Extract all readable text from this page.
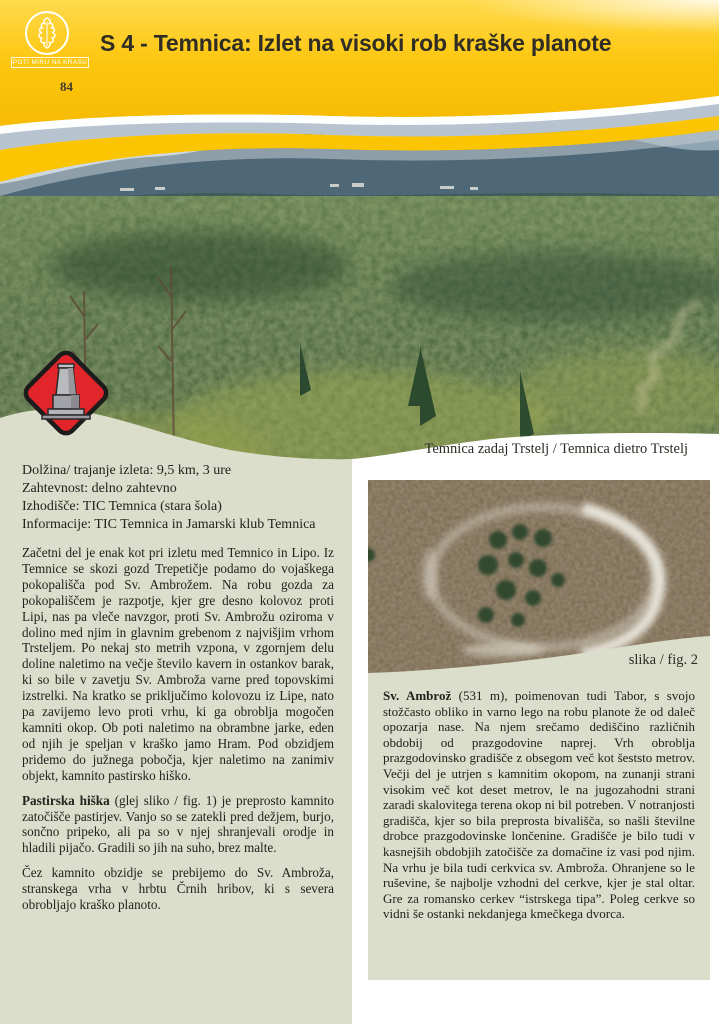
POTI MIRU NA KRASU
84
S 4 - Temnica: Izlet na visoki rob kraške planote
Temnica zadaj Trstelj / Temnica dietro Trstelj
Dolžina/ trajanje izleta: 9,5 km, 3 ure
Zahtevnost: delno zahtevno
Izhodišče: TIC Temnica (stara šola)
Informacije: TIC Temnica in Jamarski klub Temnica

Začetni del je enak kot pri izletu med Temnico in Lipo. Iz Temnice se skozi gozd Trepetičje podamo do vojaškega pokopališča pod Sv. Ambrožem. Na robu gozda za pokopališčem je razpotje, kjer gre desno kolovoz proti Lipi, nas pa vleče navzgor, proti Sv. Ambrožu oziroma v dolino med njim in glavnim grebenom z najvišjim vrhom Trsteljem. Po nekaj sto metrih vzpona, v zgornjem delu doline naletimo na večje število kavern in ostankov barak, ki so bile v zavetju Sv. Ambroža varne pred topovskimi izstrelki. Na kratko se priključimo kolovozu iz Lipe, nato pa zavijemo levo proti vrhu, ki ga obroblja mogočen kamniti okop. Ob poti naletimo na obrambne jarke, eden od njih je speljan v kraško jamo Hram. Pod obzidjem pridemo do južnega pobočja, kjer naletimo na zanimiv objekt, kamnito pastirsko hiško.

Pastirska hiška (glej sliko / fig. 1) je preprosto kamnito zatočišče pastirjev. Vanjo so se zatekli pred dežjem, burjo, sončno pripeko, ali pa so v njej shranjevali orodje in hladili pijačo. Gradili so jih na suho, brez malte.

Čez kamnito obzidje se prebijemo do Sv. Ambroža, stranskega vrha v hrbtu Črnih hribov, ki s severa obrobljajo kraško planoto.

slika / fig. 2

Sv. Ambrož (531 m), poimenovan tudi Tabor, s svojo stožčasto obliko in varno lego na robu planote že od daleč opozarja nase. Na njem srečamo dediščino različnih obdobij od prazgodovine naprej. Vrh obroblja prazgodovinsko gradišče z obsegom več kot šeststo metrov. Večji del je utrjen s kamnitim okopom, na zunanji strani visokim več kot deset metrov, le na jugozahodni strani zaradi skalovitega terena okop ni bil potreben. V notranjosti gradišča, kjer so bila preprosta bivališča, so našli številne drobce prazgodovinske lončenine. Gradišče je bilo tudi v kasnejših obdobjih zatočišče za domačine iz vasi pod njim. Na vrhu je bila tudi cerkvica sv. Ambroža. Ohranjene so le ruševine, še najbolje vzhodni del cerkve, kjer je stal oltar. Gre za romansko cerkev “istrskega tipa”. Poleg cerkve so vidni še ostanki nekdanjega kmečkega dvorca.
